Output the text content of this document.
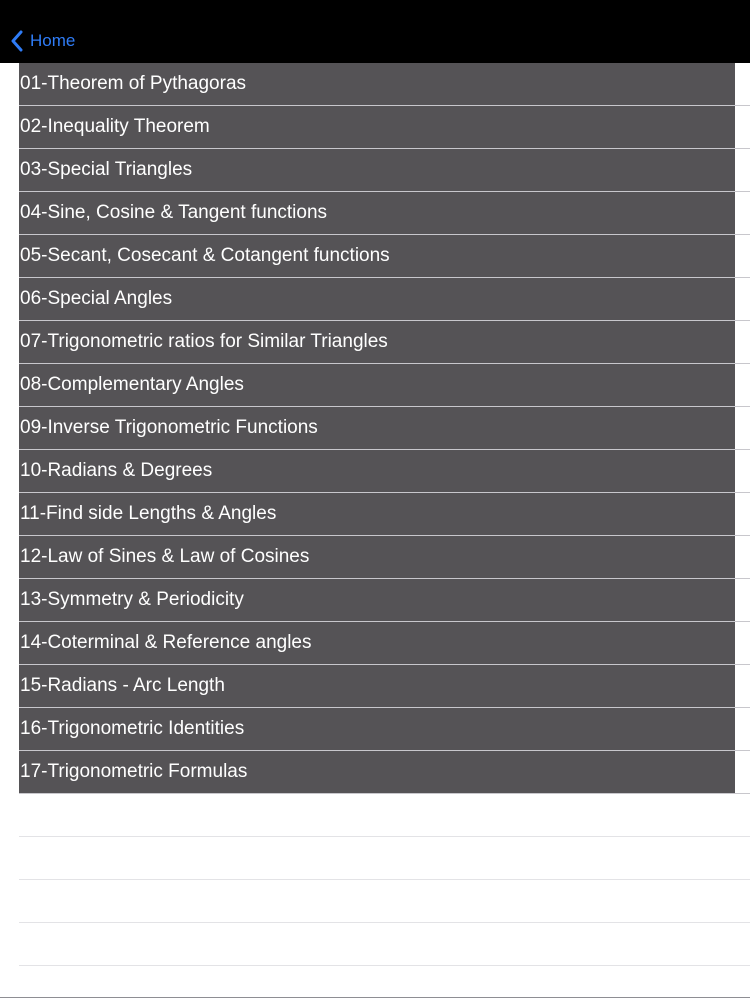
Home
01-Theorem of Pythagoras
02-Inequality Theorem
03-Special Triangles
04-Sine, Cosine & Tangent functions
05-Secant, Cosecant & Cotangent functions
06-Special Angles
07-Trigonometric ratios for Similar Triangles
08-Complementary Angles
09-Inverse Trigonometric Functions
10-Radians & Degrees
11-Find side Lengths & Angles
12-Law of Sines & Law of Cosines
13-Symmetry & Periodicity
14-Coterminal & Reference angles
15-Radians - Arc Length
16-Trigonometric Identities
17-Trigonometric Formulas
